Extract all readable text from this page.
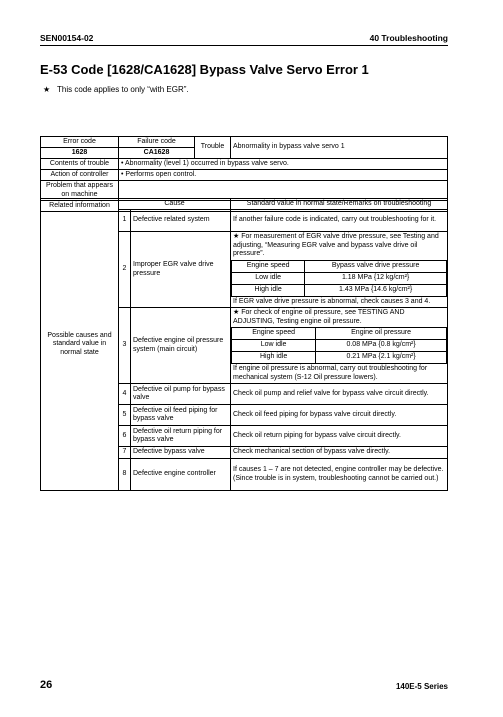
SEN00154-02	40 Troubleshooting
E-53 Code [1628/CA1628] Bypass Valve Servo Error 1
★ This code applies to only “with EGR”.
Error code	Failure code	Trouble	Abnormality in bypass valve servo 1
1628	CA1628		
Contents of trouble	• Abnormality (level 1) occurred in bypass valve servo.		
Action of controller	• Performs open control.		
Problem that appears on machine			
Related information			
Possible causes and standard value in normal state	Cause	Standard value in normal state/Remarks on troubleshooting
1	Defective related system	If another failure code is indicated, carry out troubleshooting for it.
2	Improper EGR valve drive pressure	
★ For measurement of EGR valve drive pressure, see Testing and adjusting, “Measuring EGR valve and bypass valve drive oil pressure”.
Engine speed	Bypass valve drive pressure
Low idle	1.18 MPa {12 kg/cm²}
High idle	1.43 MPa {14.6 kg/cm²}
If EGR valve drive pressure is abnormal, check causes 3 and 4.

3	Defective engine oil pressure system (main circuit)	
★ For check of engine oil pressure, see TESTING AND ADJUSTING, Testing engine oil pressure.
Engine speed	Engine oil pressure
Low idle	0.08 MPa {0.8 kg/cm²}
High idle	0.21 MPa {2.1 kg/cm²}
If engine oil pressure is abnormal, carry out troubleshooting for mechanical system (S-12 Oil pressure lowers).

4	Defective oil pump for bypass valve	Check oil pump and relief valve for bypass valve circuit directly.
5	Defective oil feed piping for bypass valve	Check oil feed piping for bypass valve circuit directly.
6	Defective oil return piping for bypass valve	Check oil return piping for bypass valve circuit directly.
7	Defective bypass valve	Check mechanical section of bypass valve directly.
8	Defective engine controller	If causes 1 – 7 are not detected, engine controller may be defective. (Since trouble is in system, troubleshooting cannot be carried out.)
26	140E-5 Series
